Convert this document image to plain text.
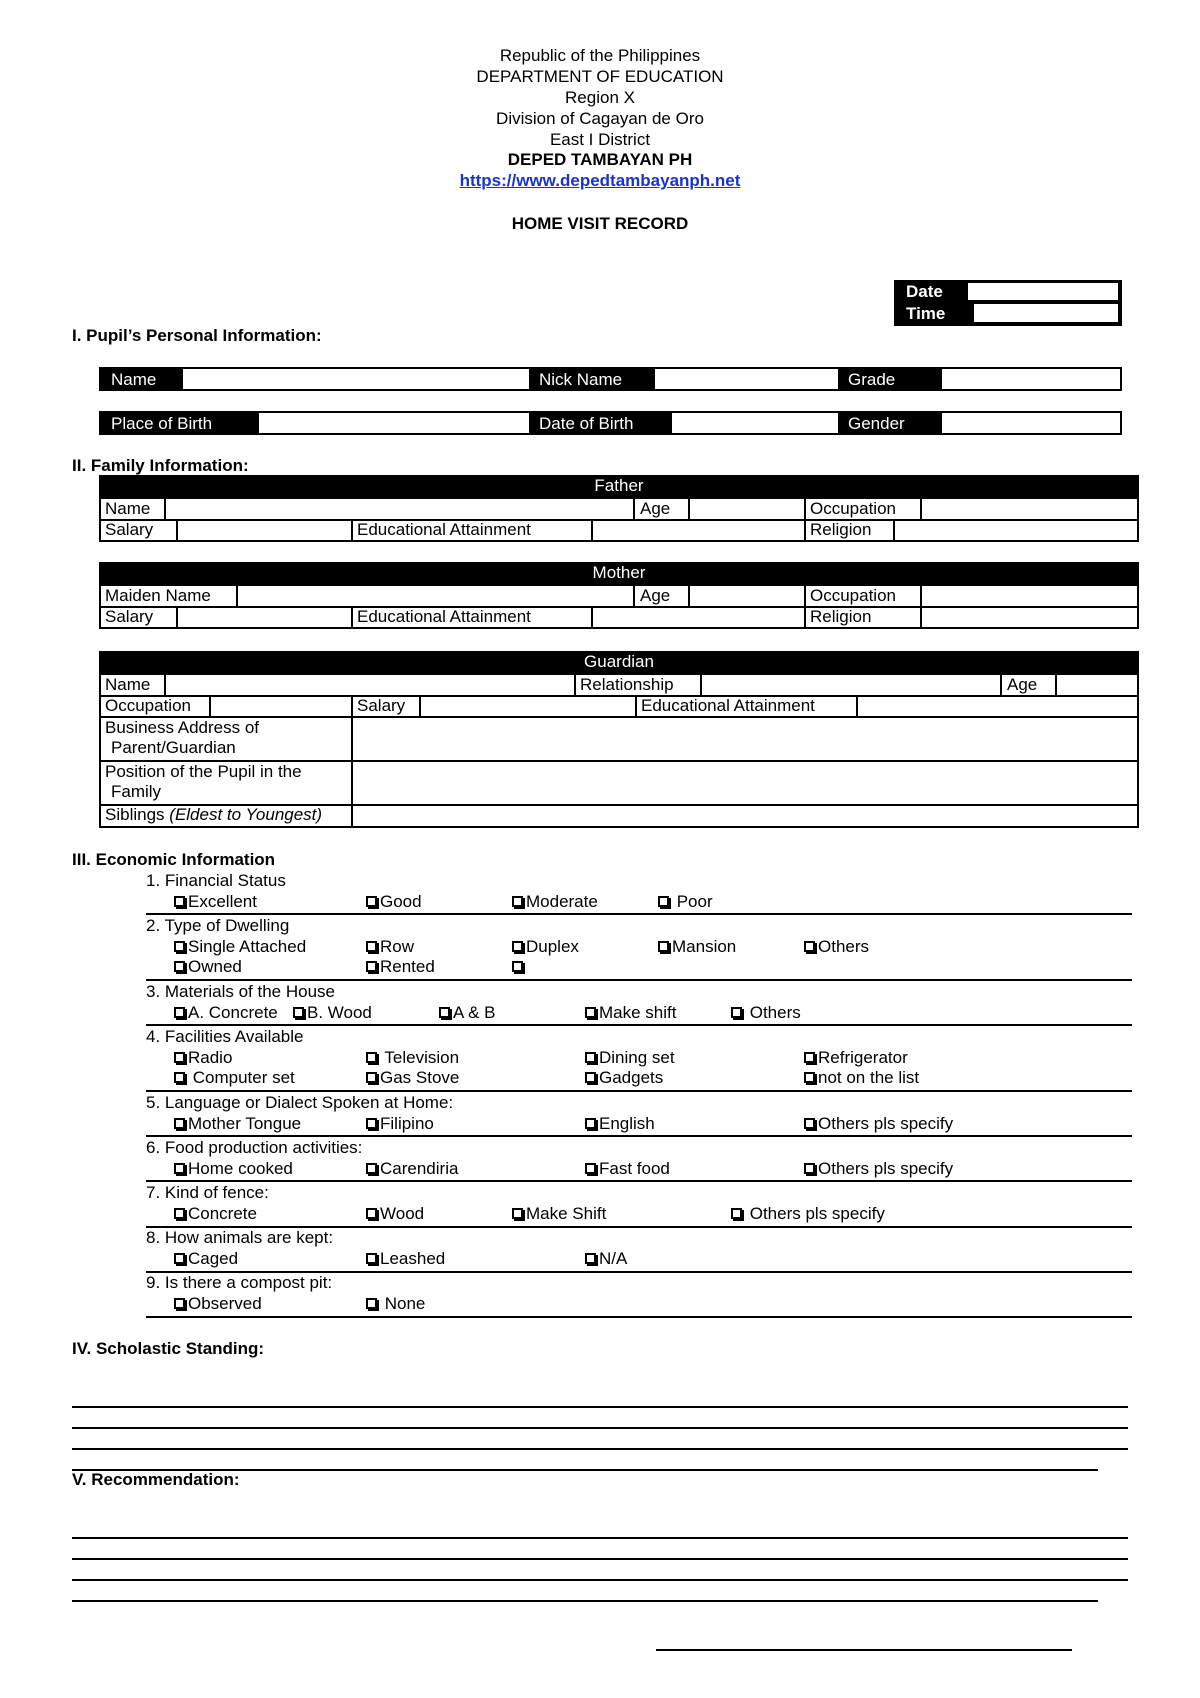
Republic of the Philippines
DEPARTMENT OF EDUCATION
Region X
Division of Cagayan de Oro
East I District
DEPED TAMBAYAN PH
https://www.depedtambayanph.net
HOME VISIT RECORD
Date
Time
I. Pupil’s Personal Information:
Name	Nick Name	Grade
Place of Birth	Date of Birth	Gender
II. Family Information:
Father
Name	Age	Occupation
Salary	Educational Attainment	Religion
Mother
Maiden Name	Age	Occupation
Salary	Educational Attainment	Religion
Guardian
Name	Relationship	Age
Occupation	Salary	Educational Attainment
Business Address of
Parent/Guardian
Position of the Pupil in the
Family
Siblings (Eldest to Youngest)
III. Economic Information
1. Financial Status
Excellent	Good	Moderate	Poor
2. Type of Dwelling
Single Attached	Row	Duplex	Mansion	Others
Owned	Rented
3. Materials of the House
A. Concrete	B. Wood	A & B	Make shift	Others
4. Facilities Available
Radio	Television	Dining set	Refrigerator
Computer set	Gas Stove	Gadgets	not on the list
5. Language or Dialect Spoken at Home:
Mother Tongue	Filipino	English	Others pls specify
6. Food production activities:
Home cooked	Carendiria	Fast food	Others pls specify
7. Kind of fence:
Concrete	Wood	Make Shift	Others pls specify
8. How animals are kept:
Caged	Leashed	N/A
9. Is there a compost pit:
Observed	None
IV. Scholastic Standing:
V. Recommendation:
